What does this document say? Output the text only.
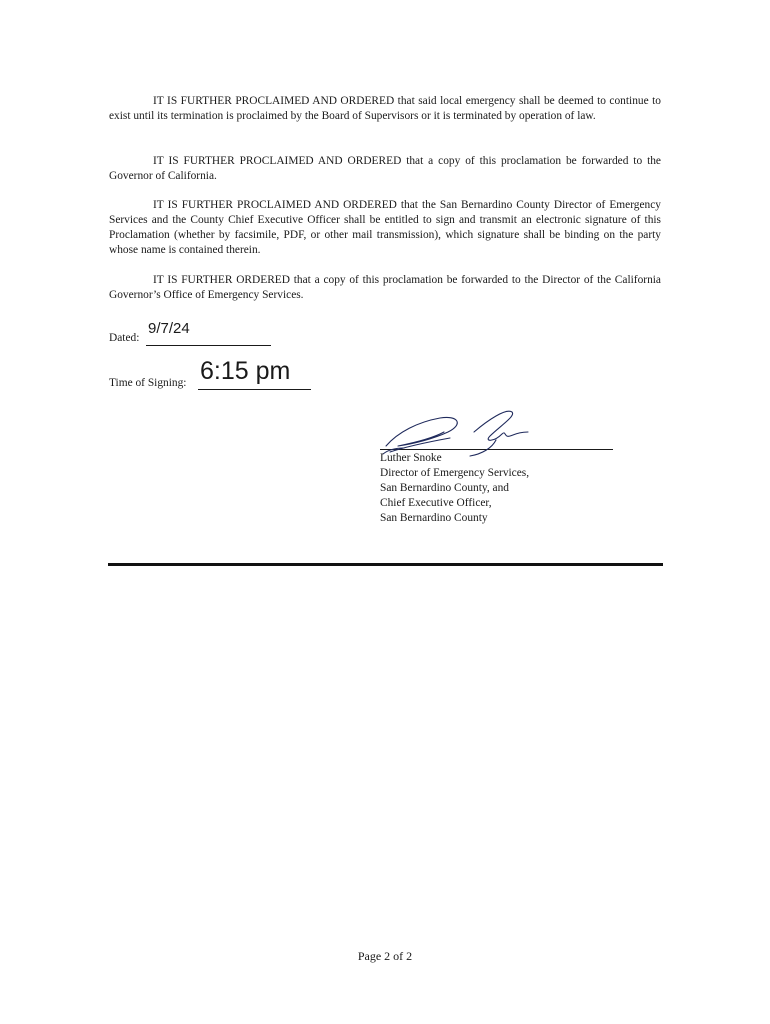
IT IS FURTHER PROCLAIMED AND ORDERED that said local emergency shall be deemed to continue to exist until its termination is proclaimed by the Board of Supervisors or it is terminated by operation of law.

IT IS FURTHER PROCLAIMED AND ORDERED that a copy of this proclamation be forwarded to the Governor of California.

IT IS FURTHER PROCLAIMED AND ORDERED that the San Bernardino County Director of Emergency Services and the County Chief Executive Officer shall be entitled to sign and transmit an electronic signature of this Proclamation (whether by facsimile, PDF, or other mail transmission), which signature shall be binding on the party whose name is contained therein.

IT IS FURTHER ORDERED that a copy of this proclamation be forwarded to the Director of the California Governor’s Office of Emergency Services.

Dated:
9/7/24
Time of Signing: 6:15 pm
Luther Snoke
Director of Emergency Services,
San Bernardino County, and
Chief Executive Officer,
San Bernardino County
Page 2 of 2
